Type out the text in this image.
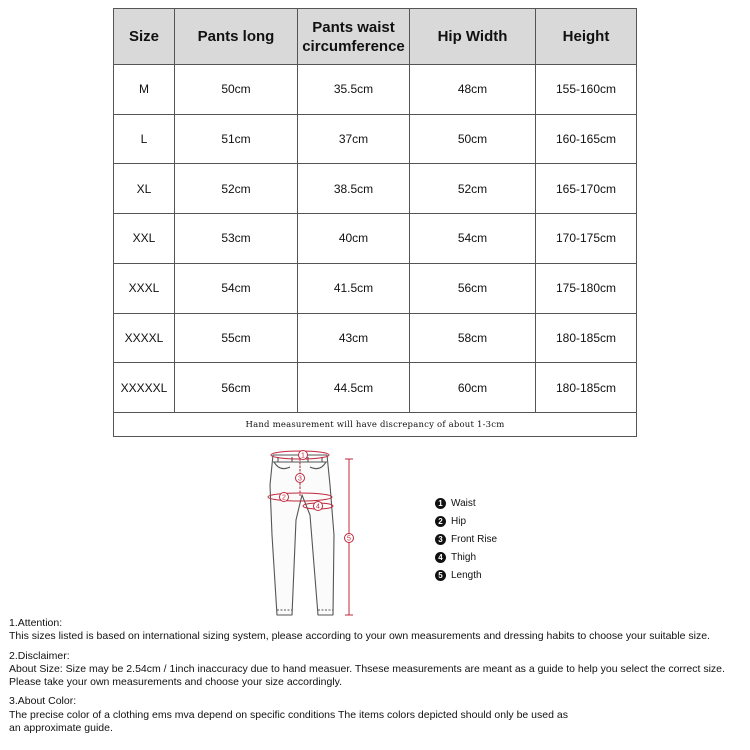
Size	Pants long	Pants waist circumference	Hip Width	Height
M	50cm	35.5cm	48cm	155-160cm
L	51cm	37cm	50cm	160-165cm
XL	52cm	38.5cm	52cm	165-170cm
XXL	53cm	40cm	54cm	170-175cm
XXXL	54cm	41.5cm	56cm	175-180cm
XXXXL	55cm	43cm	58cm	180-185cm
XXXXXL	56cm	44.5cm	60cm	180-185cm
Hand measurement will have discrepancy of about 1-3cm				
1
2
3
4
5
1 Waist
2 Hip
3 Front Rise
4 Thigh
5 Length

1.Attention:

This sizes listed is based on international sizing system, please according to your own measurements and dressing habits to choose your suitable size.

2.Disclaimer:

About Size: Size may be 2.54cm / 1inch inaccuracy due to hand measuer. Thsese measurements are meant as a guide to help you select the correct size.

Please take your own measurements and choose your size accordingly.

3.About Color:

The precise color of a clothing ems mva depend on specific conditions The items colors depicted should only be used as

an approximate guide.
